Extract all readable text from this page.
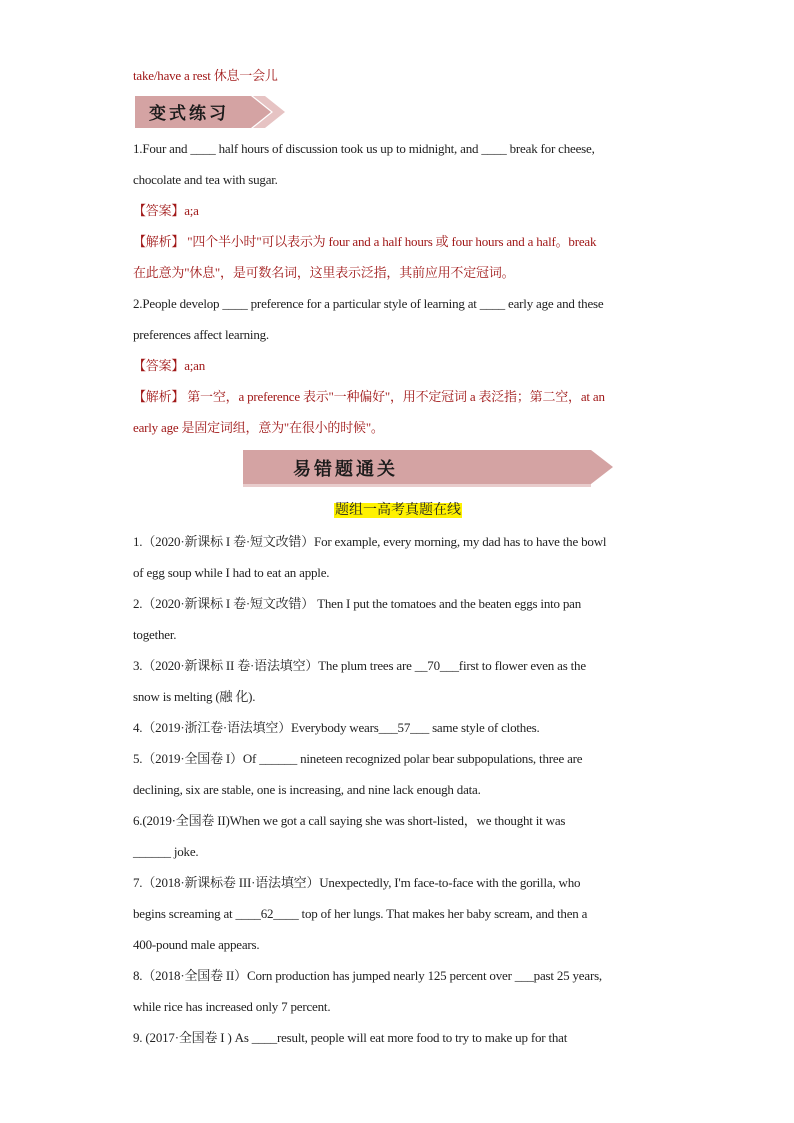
take/have a rest 休息一会儿
变式练习
1.Four and ____ half hours of discussion took us up to midnight, and ____ break for cheese,
chocolate and tea with sugar.
【答案】a;a
【解析】 "四个半小时"可以表示为 four and a half hours 或 four hours and a half。break
在此意为"休息"，是可数名词，这里表示泛指，其前应用不定冠词。
2.People develop ____ preference for a particular style of learning at ____ early age and these
preferences affect learning.
【答案】a;an
【解析】 第一空，a preference 表示"一种偏好"，用不定冠词 a 表泛指；第二空，at an
early age 是固定词组，意为"在很小的时候"。
易错题通关
题组一高考真题在线
1.（2020·新课标 I 卷·短文改错）For example, every morning, my dad has to have the bowl
of egg soup while I had to eat an apple.
2.（2020·新课标 I 卷·短文改错） Then I put the tomatoes and the beaten eggs into pan
together.
3.（2020·新课标 II 卷·语法填空）The plum trees are __70___first to flower even as the
snow is melting (融 化).
4.（2019·浙江卷·语法填空）Everybody wears___57___ same style of clothes.
5.（2019·全国卷 I）Of ______ nineteen recognized polar bear subpopulations, three are
declining, six are stable, one is increasing, and nine lack enough data.
6.(2019·全国卷 II)When we got a call saying she was short-listed，we thought it was
______ joke.
7.（2018·新课标卷 III·语法填空）Unexpectedly, I'm face-to-face with the gorilla, who
begins screaming at ____62____ top of her lungs. That makes her baby scream, and then a
400-pound male appears.
8.（2018·全国卷 II）Corn production has jumped nearly 125 percent over ___past 25 years,
while rice has increased only 7 percent.
9. (2017·全国卷 I ) As ____result, people will eat more food to try to make up for that
